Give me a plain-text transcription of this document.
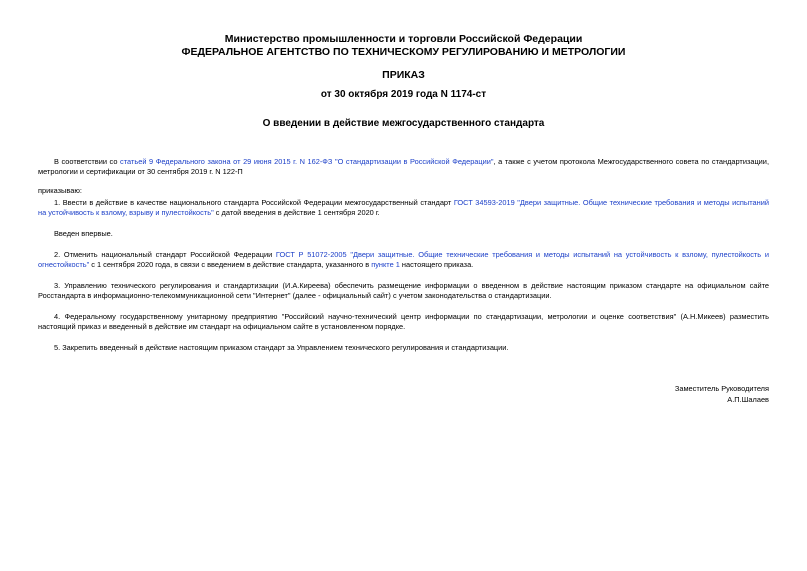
Министерство промышленности и торговли Российской Федерации
ФЕДЕРАЛЬНОЕ АГЕНТСТВО ПО ТЕХНИЧЕСКОМУ РЕГУЛИРОВАНИЮ И МЕТРОЛОГИИ
ПРИКАЗ
от 30 октября 2019 года N 1174-ст
О введении в действие межгосударственного стандарта
В соответствии со статьей 9 Федерального закона от 29 июня 2015 г. N 162-ФЗ "О стандартизации в Российской Федерации", а также с учетом протокола Межгосударственного совета по стандартизации, метрологии и сертификации от 30 сентября 2019 г. N 122-П
приказываю:
1. Ввести в действие в качестве национального стандарта Российской Федерации межгосударственный стандарт ГОСТ 34593-2019 "Двери защитные. Общие технические требования и методы испытаний на устойчивость к взлому, взрыву и пулестойкость" с датой введения в действие 1 сентября 2020 г.
Введен впервые.
2. Отменить национальный стандарт Российской Федерации ГОСТ Р 51072-2005 "Двери защитные. Общие технические требования и методы испытаний на устойчивость к взлому, пулестойкость и огнестойкость" с 1 сентября 2020 года, в связи с введением в действие стандарта, указанного в пункте 1 настоящего приказа.
3. Управлению технического регулирования и стандартизации (И.А.Киреева) обеспечить размещение информации о введенном в действие настоящим приказом стандарте на официальном сайте Росстандарта в информационно-телекоммуникационной сети "Интернет" (далее - официальный сайт) с учетом законодательства о стандартизации.
4. Федеральному государственному унитарному предприятию "Российский научно-технический центр информации по стандартизации, метрологии и оценке соответствия" (А.Н.Микеев) разместить настоящий приказ и введенный в действие им стандарт на официальном сайте в установленном порядке.
5. Закрепить введенный в действие настоящим приказом стандарт за Управлением технического регулирования и стандартизации.
Заместитель Руководителя
А.П.Шалаев
